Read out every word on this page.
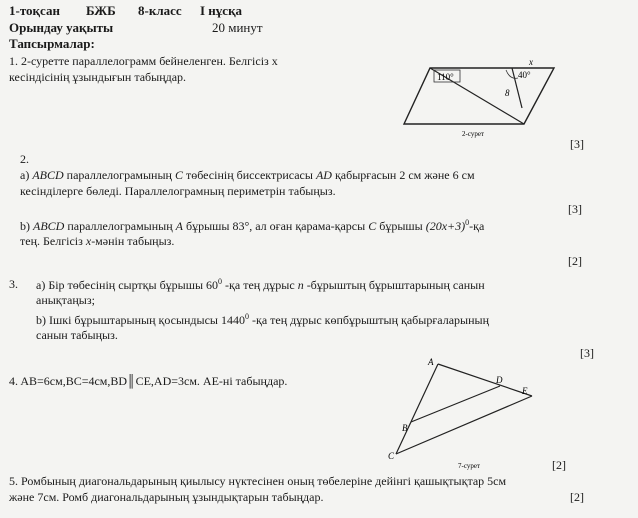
1-тоқсан БЖБ 8-класс І нұсқа
Орындау уақыты	20 минут
Тапсырмалар:
1. 2-суретте параллелограмм бейнеленген. Белгісіз x
кесіндісінің ұзындығын табыңдар.	110°	40°
x
8
2-сурет
[3]
2.
а) ABCD параллелограмының C төбесінің биссектрисасы AD қабырғасын 2 см және 6 см
кесінділерге бөледі. Параллелограмның периметрін табыңыз.
[3]
b) ABCD параллелограмының A бұрышы 83°, ал оған қарама-қарсы C бұрышы $(20x+3)^0-қа$
тең. Белгісіз x-мәнін табыңыз.
[2]
3. а) Бір төбесінің сыртқы бұрышы $60^0$ -қа тең дұрыс n -бұрыштың бұрыштарының санын
анықтаңыз;
b) Ішкі бұрыштарының қосындысы 1440$^0$ -қа тең дұрыс көпбұрыштың қабырғаларының
санын табыңыз.
[3]
4. AB=6см,BC=4см,BD║CE,AD=3см. AE-ні табыңдар.
A
D
E
B
C
7-сурет	[2]
5. Ромбының диагональдарының қиылысу нүктесінен оның төбелеріне дейінгі қашықтықтар 5см
және 7см. Ромб диагональдарының ұзындықтарын табыңдар.	[2]
